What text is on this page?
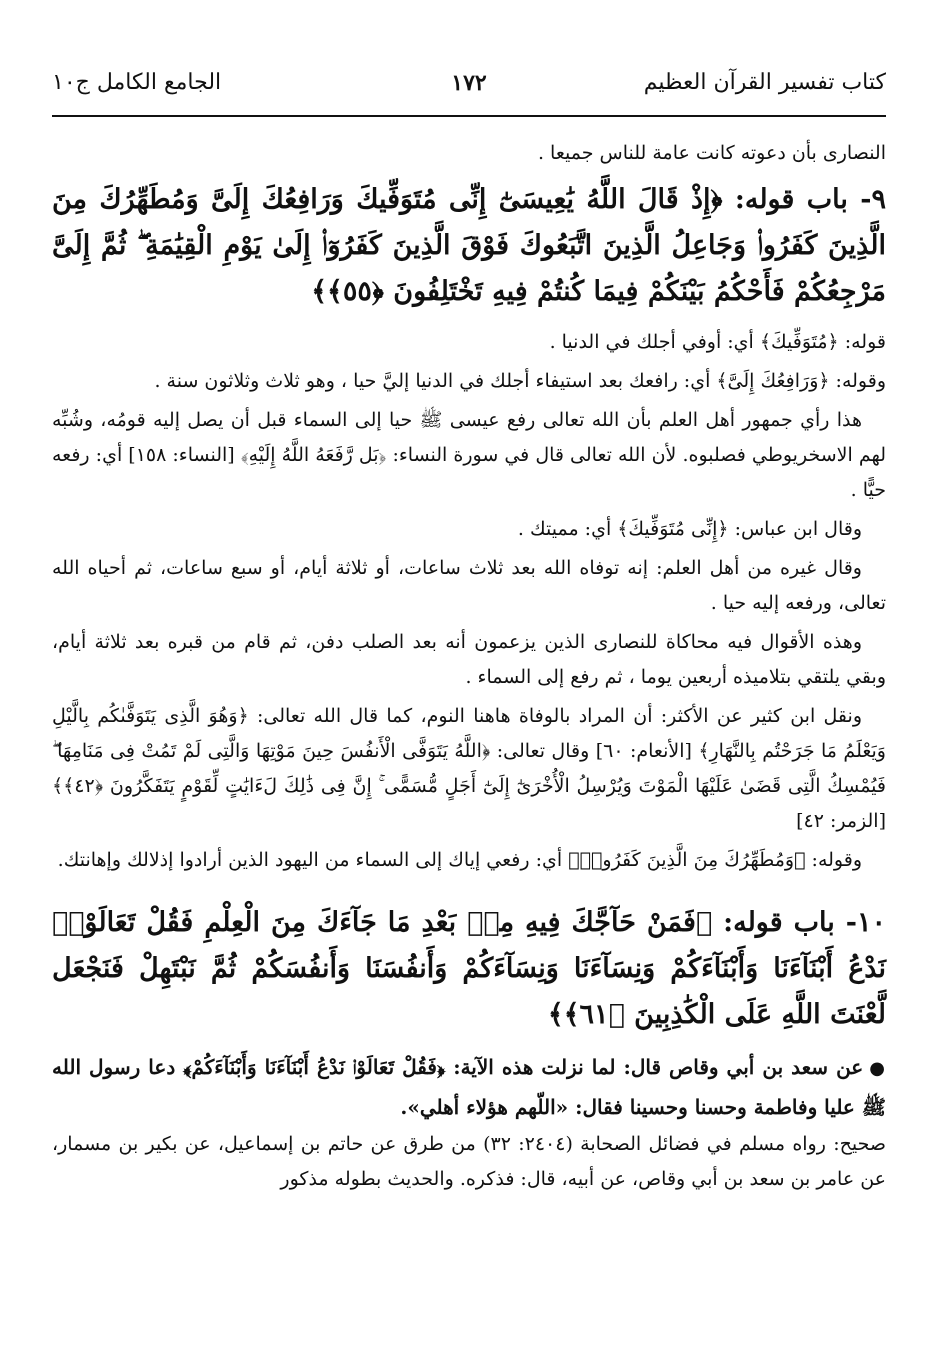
كتاب تفسير القرآن العظيم
١٧٢
الجامع الكامل ج١٠

النصارى بأن دعوته كانت عامة للناس جميعا .

٩- باب قوله: ﴿إِذْ قَالَ اللَّهُ يَٰعِيسَىٰٓ إِنِّى مُتَوَفِّيكَ وَرَافِعُكَ إِلَىَّ وَمُطَهِّرُكَ مِنَ الَّذِينَ كَفَرُوا۟ وَجَاعِلُ الَّذِينَ اتَّبَعُوكَ فَوْقَ الَّذِينَ كَفَرُوٓا۟ إِلَىٰ يَوْمِ الْقِيَٰمَةِ ۖ ثُمَّ إِلَىَّ مَرْجِعُكُمْ فَأَحْكُمُ بَيْنَكُمْ فِيمَا كُنتُمْ فِيهِ تَخْتَلِفُونَ ﴿٥٥﴾﴾

قوله: ﴿مُتَوَفِّيكَ﴾ أي: أوفي أجلك في الدنيا .

وقوله: ﴿وَرَافِعُكَ إِلَىَّ﴾ أي: رافعك بعد استيفاء أجلك في الدنيا إليَّ حيا ، وهو ثلاث وثلاثون سنة .

هذا رأي جمهور أهل العلم بأن الله تعالى رفع عيسى ﷺ حيا إلى السماء قبل أن يصل إليه قومُه، وشُبِّه لهم الاسخريوطي فصلبوه. لأن الله تعالى قال في سورة النساء: ﴿بَل رَّفَعَهُ اللَّهُ إِلَيْهِ﴾ [النساء: ١٥٨] أي: رفعه حيًّا .

وقال ابن عباس: ﴿إِنِّى مُتَوَفِّيكَ﴾ أي: مميتك .

وقال غيره من أهل العلم: إنه توفاه الله بعد ثلاث ساعات، أو ثلاثة أيام، أو سبع ساعات، ثم أحياه الله تعالى، ورفعه إليه حيا .

وهذه الأقوال فيه محاكاة للنصارى الذين يزعمون أنه بعد الصلب دفن، ثم قام من قبره بعد ثلاثة أيام، وبقي يلتقي بتلاميذه أربعين يوما ، ثم رفع إلى السماء .

ونقل ابن كثير عن الأكثر: أن المراد بالوفاة هاهنا النوم، كما قال الله تعالى: ﴿وَهُوَ الَّذِى يَتَوَفَّىٰكُم بِالَّيْلِ وَيَعْلَمُ مَا جَرَحْتُم بِالنَّهَارِ﴾ [الأنعام: ٦٠] وقال تعالى: ﴿اللَّهُ يَتَوَفَّى الْأَنفُسَ حِينَ مَوْتِهَا وَالَّتِى لَمْ تَمُتْ فِى مَنَامِهَا ۖ فَيُمْسِكُ الَّتِى قَضَىٰ عَلَيْهَا الْمَوْتَ وَيُرْسِلُ الْأُخْرَىٰٓ إِلَىٰٓ أَجَلٍ مُّسَمًّى ۚ إِنَّ فِى ذَٰلِكَ لَءَايَٰتٍ لِّقَوْمٍ يَتَفَكَّرُونَ ﴿٤٢﴾﴾ [الزمر: ٤٢]

وقوله: ﴿وَمُطَهِّرُكَ مِنَ الَّذِينَ كَفَرُوا۟﴾ أي: رفعي إياك إلى السماء من اليهود الذين أرادوا إذلالك وإهانتك.

١٠- باب قوله: ﴿فَمَنْ حَآجَّكَ فِيهِ مِنۢ بَعْدِ مَا جَآءَكَ مِنَ الْعِلْمِ فَقُلْ تَعَالَوْا۟ نَدْعُ أَبْنَآءَنَا وَأَبْنَآءَكُمْ وَنِسَآءَنَا وَنِسَآءَكُمْ وَأَنفُسَنَا وَأَنفُسَكُمْ ثُمَّ نَبْتَهِلْ فَنَجْعَل لَّعْنَتَ اللَّهِ عَلَى الْكَٰذِبِينَ ﴿٦١﴾﴾

●عن سعد بن أبي وقاص قال: لما نزلت هذه الآية: ﴿فَقُلْ تَعَالَوْا۟ نَدْعُ أَبْنَآءَنَا وَأَبْنَآءَكُمْ﴾ دعا رسول الله ﷺ عليا وفاطمة وحسنا وحسينا فقال: «اللّهم هؤلاء أهلي».

صحيح: رواه مسلم في فضائل الصحابة (٢٤٠٤: ٣٢) من طرق عن حاتم بن إسماعيل، عن بكير بن مسمار، عن عامر بن سعد بن أبي وقاص، عن أبيه، قال: فذكره. والحديث بطوله مذكور
